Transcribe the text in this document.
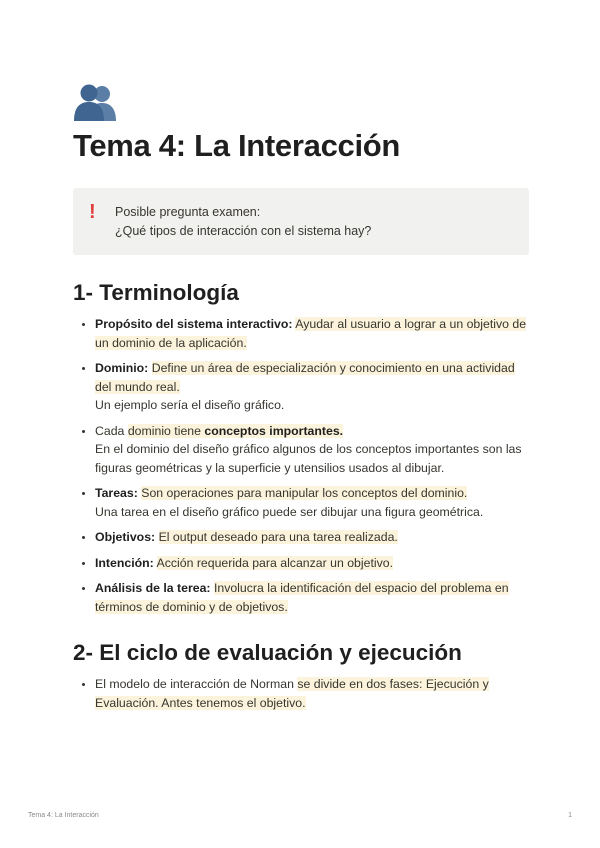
Tema 4: La Interacción
!	Posible pregunta examen:
¿Qué tipos de interacción con el sistema hay?
1- Terminología
• Propósito del sistema interactivo: Ayudar al usuario a lograr a un objetivo de un dominio de la aplicación.
• Dominio: Define un área de especialización y conocimiento en una actividad del mundo real.
Un ejemplo sería el diseño gráfico.
• Cada dominio tiene conceptos importantes.
En el dominio del diseño gráfico algunos de los conceptos importantes son las figuras geométricas y la superficie y utensilios usados al dibujar.
• Tareas: Son operaciones para manipular los conceptos del dominio.
Una tarea en el diseño gráfico puede ser dibujar una figura geométrica.
• Objetivos: El output deseado para una tarea realizada.
• Intención: Acción requerida para alcanzar un objetivo.
• Análisis de la terea: Involucra la identificación del espacio del problema en términos de dominio y de objetivos.
2- El ciclo de evaluación y ejecución
• El modelo de interacción de Norman se divide en dos fases: Ejecución y Evaluación. Antes tenemos el objetivo.
Tema 4: La Interacción	1
